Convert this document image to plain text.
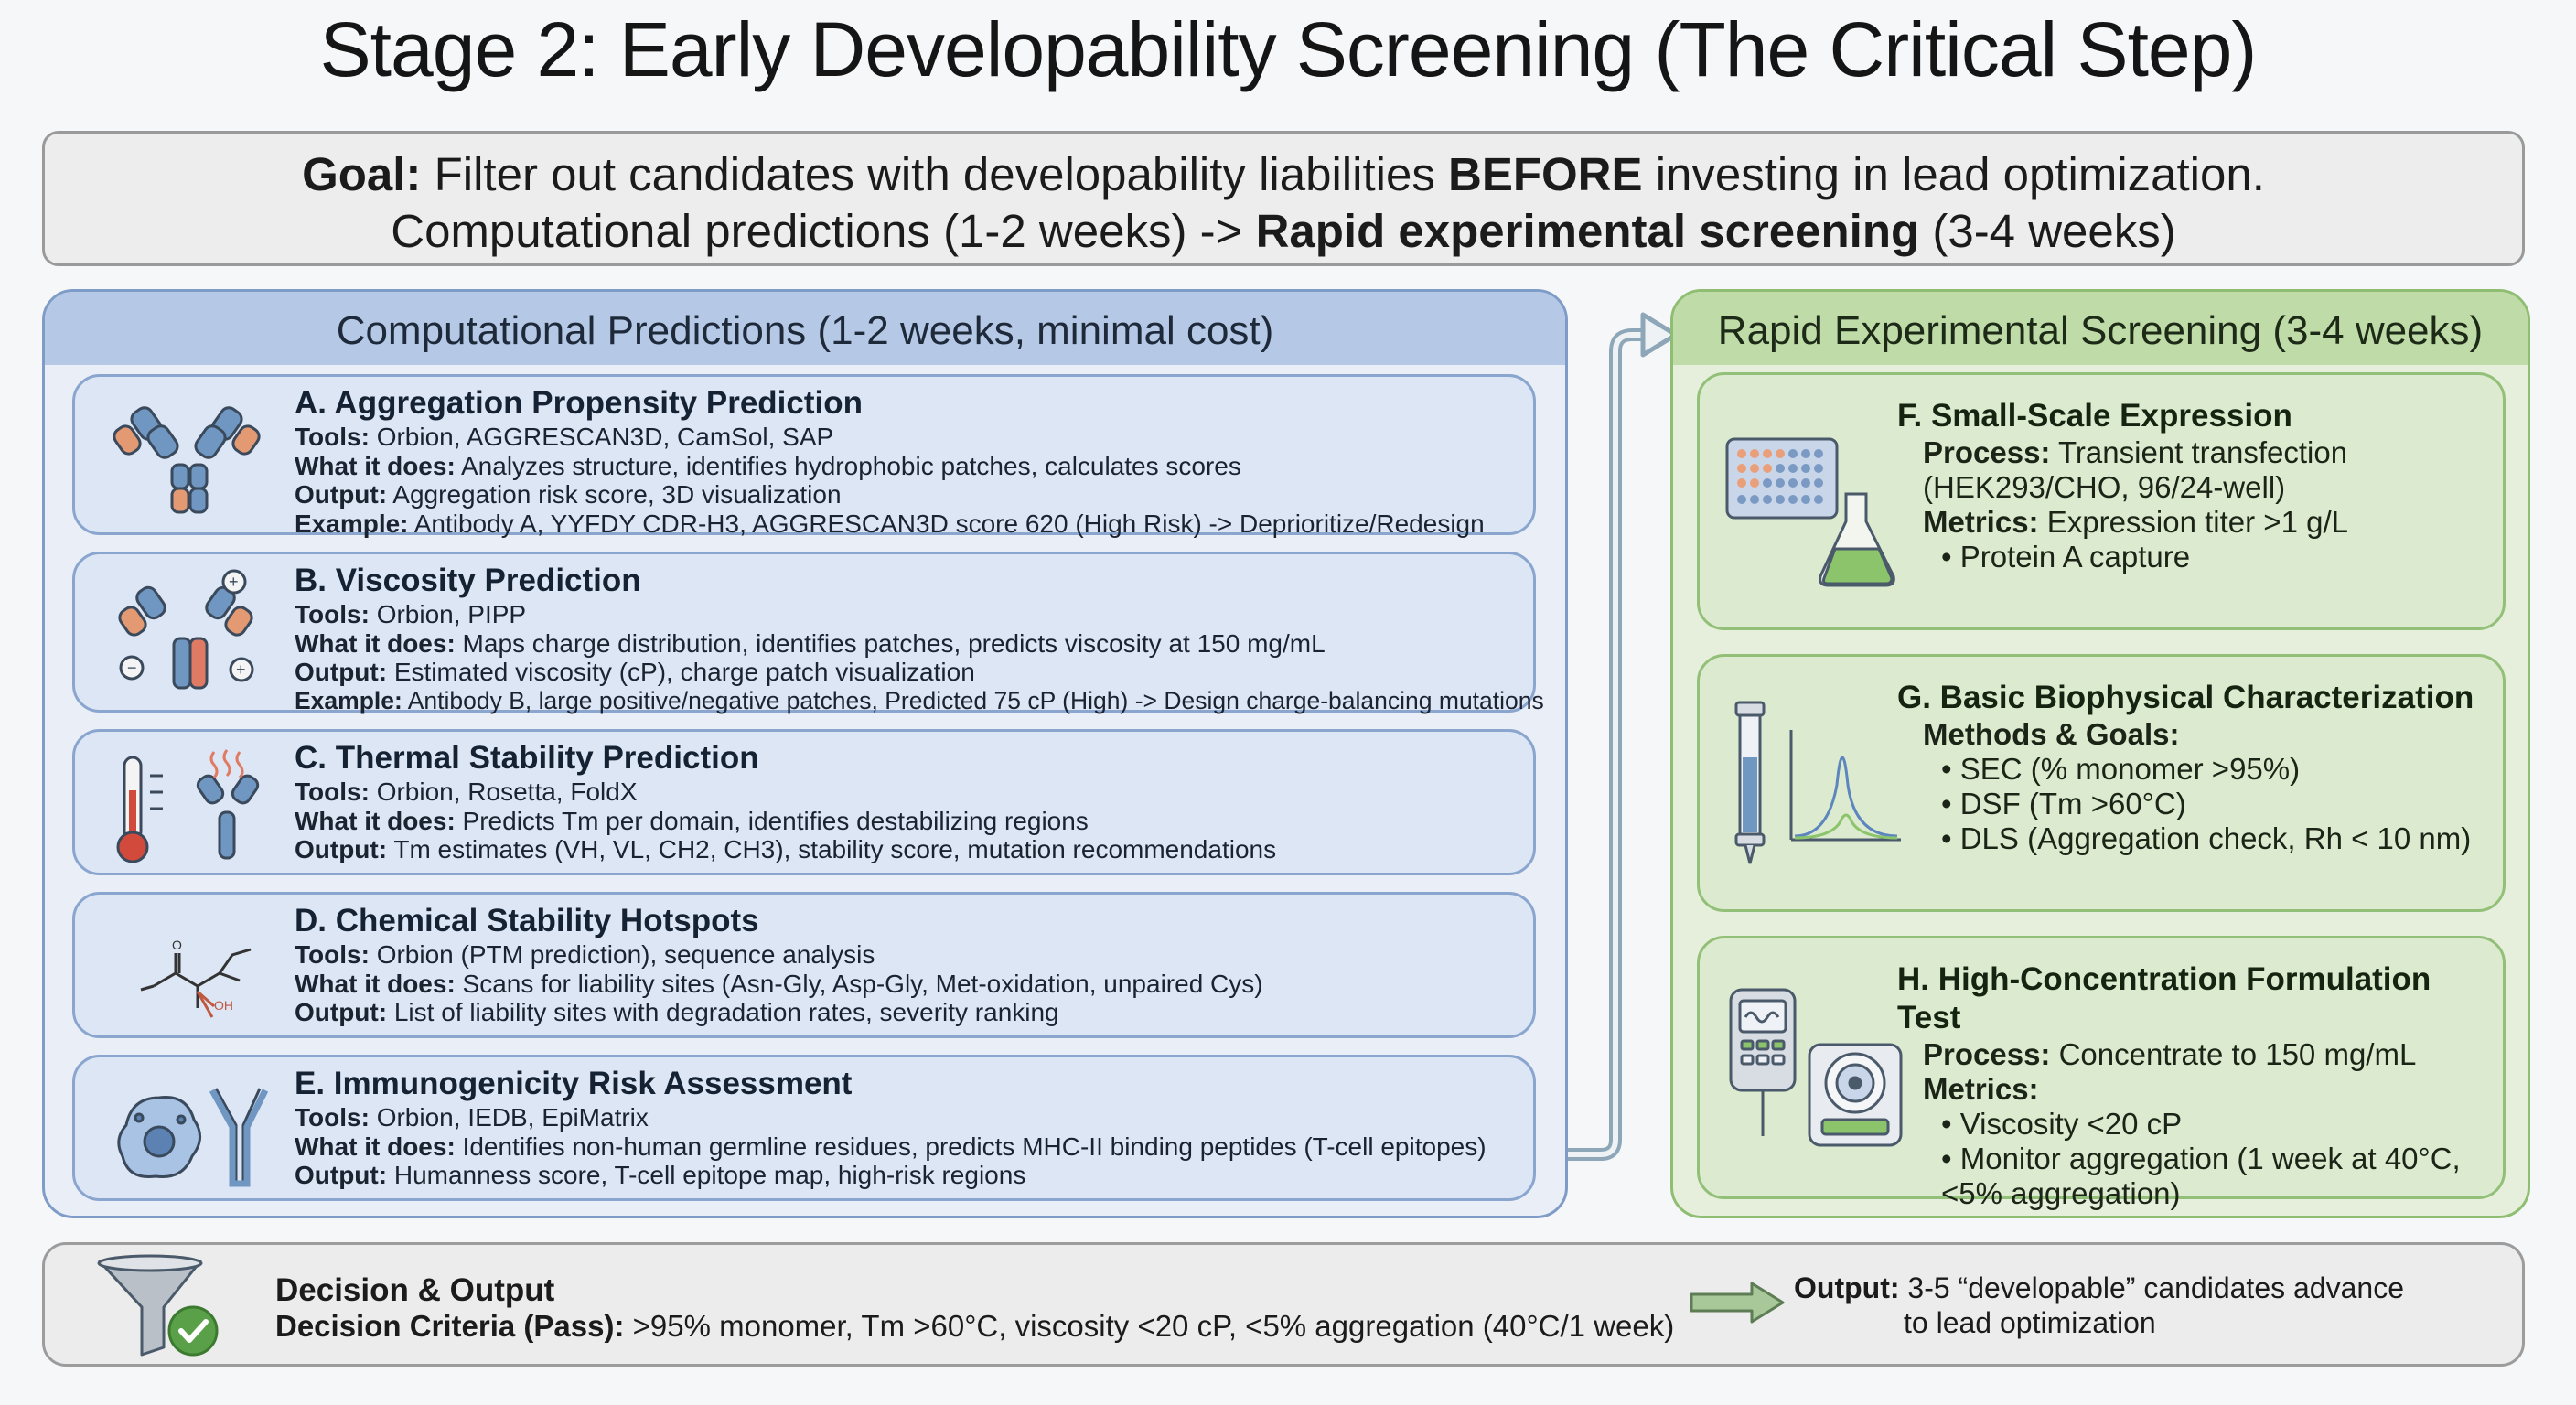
Stage 2: Early Developability Screening (The Critical Step)
Goal: Filter out candidates with developability liabilities BEFORE investing in lead optimization.
Computational predictions (1-2 weeks) -> Rapid experimental screening (3-4 weeks)
Computational Predictions (1-2 weeks, minimal cost)
A. Aggregation Propensity Prediction
Tools: Orbion, AGGRESCAN3D, CamSol, SAP
What it does: Analyzes structure, identifies hydrophobic patches, calculates scores
Output: Aggregation risk score, 3D visualization
Example: Antibody A, YYFDY CDR-H3, AGGRESCAN3D score 620 (High Risk) -> Deprioritize/Redesign
+
−	+
B. Viscosity Prediction
Tools: Orbion, PIPP
What it does: Maps charge distribution, identifies patches, predicts viscosity at 150 mg/mL
Output: Estimated viscosity (cP), charge patch visualization
Example: Antibody B, large positive/negative patches, Predicted 75 cP (High) -> Design charge-balancing mutations
C. Thermal Stability Prediction
Tools: Orbion, Rosetta, FoldX
What it does: Predicts Tm per domain, identifies destabilizing regions
Output: Tm estimates (VH, VL, CH2, CH3), stability score, mutation recommendations
OH
O
D. Chemical Stability Hotspots
Tools: Orbion (PTM prediction), sequence analysis
What it does: Scans for liability sites (Asn-Gly, Asp-Gly, Met-oxidation, unpaired Cys)
Output: List of liability sites with degradation rates, severity ranking
E. Immunogenicity Risk Assessment
Tools: Orbion, IEDB, EpiMatrix
What it does: Identifies non-human germline residues, predicts MHC-II binding peptides (T-cell epitopes)
Output: Humanness score, T-cell epitope map, high-risk regions
Rapid Experimental Screening (3-4 weeks)
F. Small-Scale Expression
Process: Transient transfection
(HEK293/CHO, 96/24-well)
Metrics: Expression titer >1 g/L
• Protein A capture
G. Basic Biophysical Characterization
Methods & Goals:
• SEC (% monomer >95%)
• DSF (Tm >60°C)
• DLS (Aggregation check, Rh < 10 nm)
H. High-Concentration Formulation Test
Process: Concentrate to 150 mg/mL
Metrics:
• Viscosity <20 cP
• Monitor aggregation (1 week at 40°C,
<5% aggregation)
Decision & Output
Decision Criteria (Pass): >95% monomer, Tm >60°C, viscosity <20 cP, <5% aggregation (40°C/1 week)
Output: 3-5 “developable” candidates advance
to lead optimization
